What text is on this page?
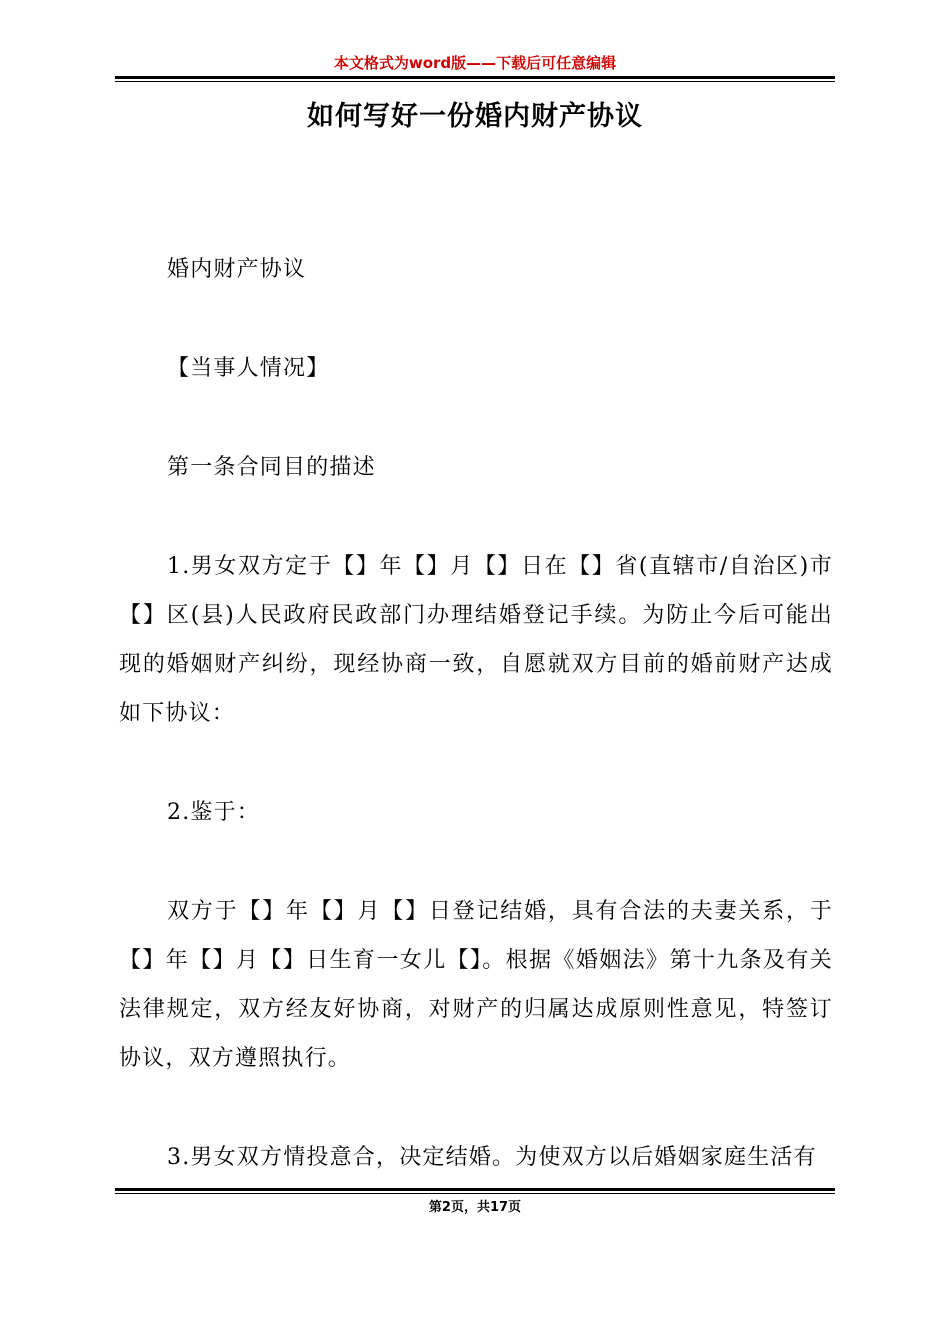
本文格式为word版——下载后可任意编辑
如何写好一份婚内财产协议

婚内财产协议

【当事人情况】

第一条合同目的描述

1.男女双方定于【】年【】月【】日在【】省(直辖市/自治区)市【】区(县)人民政府民政部门办理结婚登记手续。为防止今后可能出现的婚姻财产纠纷，现经协商一致，自愿就双方目前的婚前财产达成如下协议：

2.鉴于：

双方于【】年【】月【】日登记结婚，具有合法的夫妻关系，于【】年【】月【】日生育一女儿【】。根据《婚姻法》第十九条及有关法律规定，双方经友好协商，对财产的归属达成原则性意见，特签订协议，双方遵照执行。

3.男女双方情投意合，决定结婚。为使双方以后婚姻家庭生活有

第2页，共17页
